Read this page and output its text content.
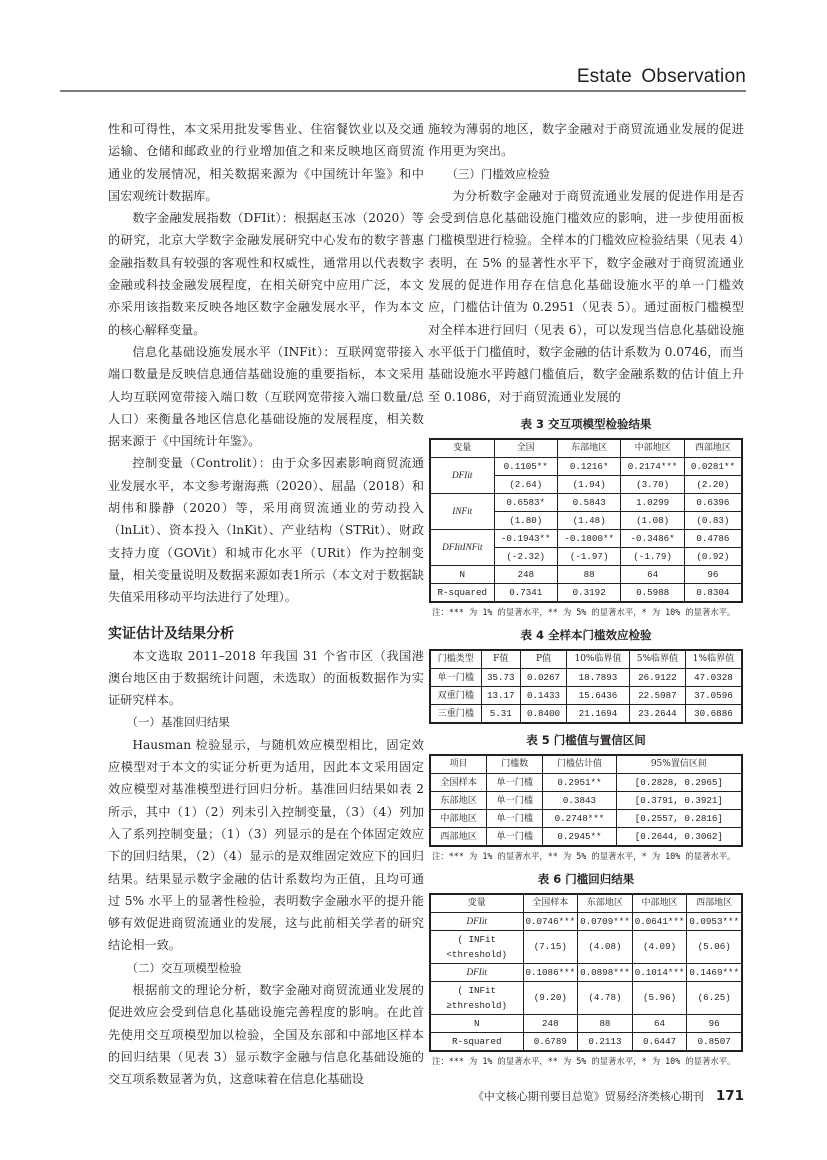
Estate Observation

性和可得性，本文采用批发零售业、住宿餐饮业以及交通运输、仓储和邮政业的行业增加值之和来反映地区商贸流通业的发展情况，相关数据来源为《中国统计年鉴》和中国宏观统计数据库。

数字金融发展指数（DFIit）：根据赵玉冰（2020）等的研究，北京大学数字金融发展研究中心发布的数字普惠金融指数具有较强的客观性和权威性，通常用以代表数字金融或科技金融发展程度，在相关研究中应用广泛，本文亦采用该指数来反映各地区数字金融发展水平，作为本文的核心解释变量。

信息化基础设施发展水平（INFit）：互联网宽带接入端口数量是反映信息通信基础设施的重要指标，本文采用人均互联网宽带接入端口数（互联网宽带接入端口数量/总人口）来衡量各地区信息化基础设施的发展程度，相关数据来源于《中国统计年鉴》。

控制变量（Controlit）：由于众多因素影响商贸流通业发展水平，本文参考谢海燕（2020）、屈晶（2018）和胡伟和滕静（2020）等，采用商贸流通业的劳动投入（lnLit）、资本投入（lnKit）、产业结构（STRit）、财政支持力度（GOVit）和城市化水平（URit）作为控制变量，相关变量说明及数据来源如表1所示（本文对于数据缺失值采用移动平均法进行了处理）。

实证估计及结果分析

本文选取 2011–2018 年我国 31 个省市区（我国港澳台地区由于数据统计问题，未选取）的面板数据作为实证研究样本。

（一）基准回归结果

Hausman 检验显示，与随机效应模型相比，固定效应模型对于本文的实证分析更为适用，因此本文采用固定效应模型对基准模型进行回归分析。基准回归结果如表 2 所示，其中（1）（2）列未引入控制变量，（3）（4）列加入了系列控制变量；（1）（3）列显示的是在个体固定效应下的回归结果，（2）（4）显示的是双维固定效应下的回归结果。结果显示数字金融的估计系数均为正值，且均可通过 5% 水平上的显著性检验，表明数字金融水平的提升能够有效促进商贸流通业的发展，这与此前相关学者的研究结论相一致。

（二）交互项模型检验

根据前文的理论分析，数字金融对商贸流通业发展的促进效应会受到信息化基础设施完善程度的影响。在此首先使用交互项模型加以检验，全国及东部和中部地区样本的回归结果（见表 3）显示数字金融与信息化基础设施的交互项系数显著为负，这意味着在信息化基础设

施较为薄弱的地区，数字金融对于商贸流通业发展的促进作用更为突出。

（三）门槛效应检验

为分析数字金融对于商贸流通业发展的促进作用是否会受到信息化基础设施门槛效应的影响，进一步使用面板门槛模型进行检验。全样本的门槛效应检验结果（见表 4）表明，在 5% 的显著性水平下，数字金融对于商贸流通业发展的促进作用存在信息化基础设施水平的单一门槛效应，门槛估计值为 0.2951（见表 5）。通过面板门槛模型对全样本进行回归（见表 6），可以发现当信息化基础设施水平低于门槛值时，数字金融的估计系数为 0.0746，而当基础设施水平跨越门槛值后，数字金融系数的估计值上升至 0.1086，对于商贸流通业发展的

表 3 交互项模型检验结果

变量	全国	东部地区	中部地区	西部地区
DFIit	0.1105**	0.1216*	0.2174***	0.0281**
	(2.64)	(1.94)	(3.70)	(2.20)
INFit	0.6583*	0.5843	1.0299	0.6396
	(1.80)	(1.48)	(1.08)	(0.83)
DFIitINFit	-0.1943**	-0.1800**	-0.3486*	0.4786
	(-2.32)	(-1.97)	(-1.79)	(0.92)
N	248	88	64	96
R-squared	0.7341	0.3192	0.5988	0.8304

注：*** 为 1% 的显著水平，** 为 5% 的显著水平，* 为 10% 的显著水平。

表 4 全样本门槛效应检验

门槛类型	F值	P值	10%临界值	5%临界值	1%临界值
单一门槛	35.73	0.0267	18.7893	26.9122	47.0328
双重门槛	13.17	0.1433	15.6436	22.5987	37.0596
三重门槛	5.31	0.8400	21.1694	23.2644	30.6886

表 5 门槛值与置信区间

项目	门槛数	门槛估计值	95%置信区间
全国样本	单一门槛	0.2951**	[0.2828, 0.2965]
东部地区	单一门槛	0.3843	[0.3791, 0.3921]
中部地区	单一门槛	0.2748***	[0.2557, 0.2816]
西部地区	单一门槛	0.2945**	[0.2644, 0.3062]

注：*** 为 1% 的显著水平，** 为 5% 的显著水平，* 为 10% 的显著水平。

表 6 门槛回归结果

变量	全国样本	东部地区	中部地区	西部地区
DFIit	0.0746***	0.0709***	0.0641***	0.0953***
( INFit <threshold)	(7.15)	(4.08)	(4.09)	(5.06)
DFIit	0.1086***	0.0898***	0.1014***	0.1469***
( INFit ≥threshold)	(9.20)	(4.78)	(5.96)	(6.25)
N	248	88	64	96
R-squared	0.6789	0.2113	0.6447	0.8507

注：*** 为 1% 的显著水平，** 为 5% 的显著水平，* 为 10% 的显著水平。

《中文核心期刊要目总览》贸易经济类核心期刊 171
